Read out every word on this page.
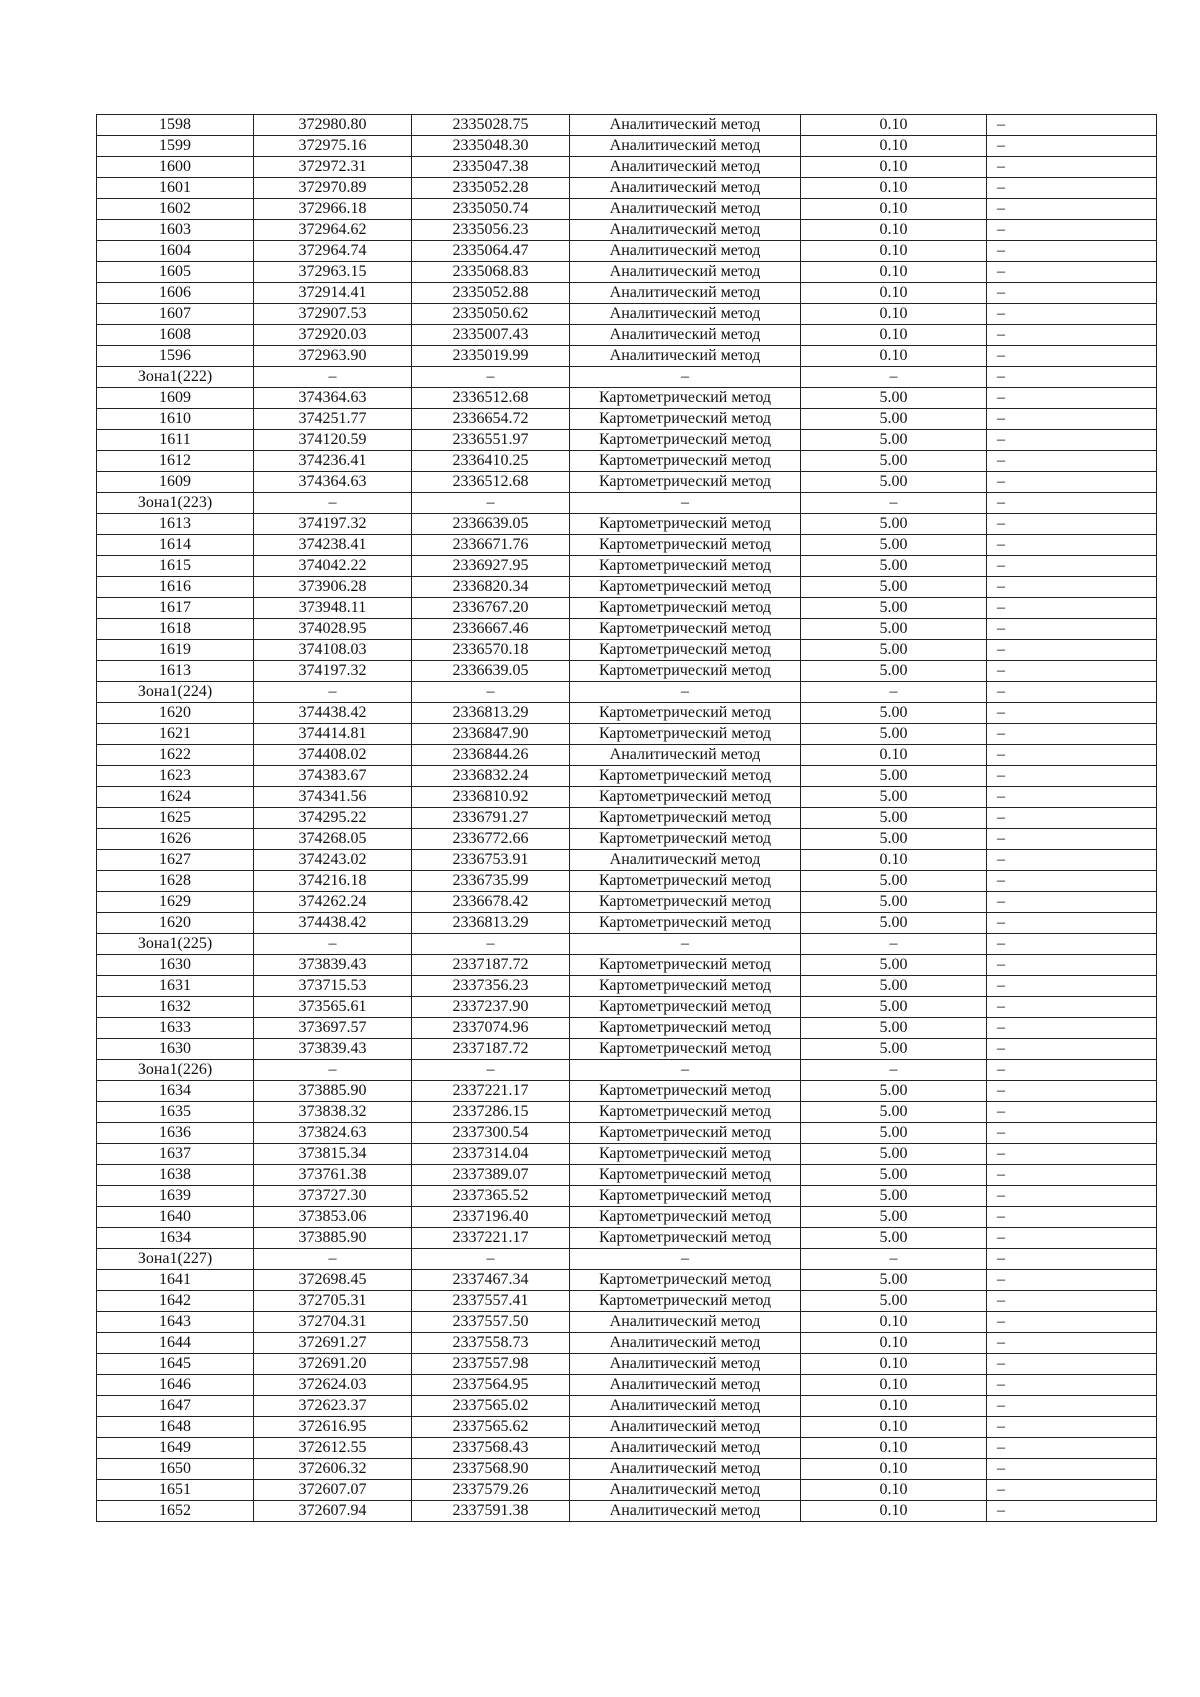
1598	372980.80	2335028.75	Аналитический метод	0.10	–
1599	372975.16	2335048.30	Аналитический метод	0.10	–
1600	372972.31	2335047.38	Аналитический метод	0.10	–
1601	372970.89	2335052.28	Аналитический метод	0.10	–
1602	372966.18	2335050.74	Аналитический метод	0.10	–
1603	372964.62	2335056.23	Аналитический метод	0.10	–
1604	372964.74	2335064.47	Аналитический метод	0.10	–
1605	372963.15	2335068.83	Аналитический метод	0.10	–
1606	372914.41	2335052.88	Аналитический метод	0.10	–
1607	372907.53	2335050.62	Аналитический метод	0.10	–
1608	372920.03	2335007.43	Аналитический метод	0.10	–
1596	372963.90	2335019.99	Аналитический метод	0.10	–
Зона1(222)	–	–	–	–	–
1609	374364.63	2336512.68	Картометрический метод	5.00	–
1610	374251.77	2336654.72	Картометрический метод	5.00	–
1611	374120.59	2336551.97	Картометрический метод	5.00	–
1612	374236.41	2336410.25	Картометрический метод	5.00	–
1609	374364.63	2336512.68	Картометрический метод	5.00	–
Зона1(223)	–	–	–	–	–
1613	374197.32	2336639.05	Картометрический метод	5.00	–
1614	374238.41	2336671.76	Картометрический метод	5.00	–
1615	374042.22	2336927.95	Картометрический метод	5.00	–
1616	373906.28	2336820.34	Картометрический метод	5.00	–
1617	373948.11	2336767.20	Картометрический метод	5.00	–
1618	374028.95	2336667.46	Картометрический метод	5.00	–
1619	374108.03	2336570.18	Картометрический метод	5.00	–
1613	374197.32	2336639.05	Картометрический метод	5.00	–
Зона1(224)	–	–	–	–	–
1620	374438.42	2336813.29	Картометрический метод	5.00	–
1621	374414.81	2336847.90	Картометрический метод	5.00	–
1622	374408.02	2336844.26	Аналитический метод	0.10	–
1623	374383.67	2336832.24	Картометрический метод	5.00	–
1624	374341.56	2336810.92	Картометрический метод	5.00	–
1625	374295.22	2336791.27	Картометрический метод	5.00	–
1626	374268.05	2336772.66	Картометрический метод	5.00	–
1627	374243.02	2336753.91	Аналитический метод	0.10	–
1628	374216.18	2336735.99	Картометрический метод	5.00	–
1629	374262.24	2336678.42	Картометрический метод	5.00	–
1620	374438.42	2336813.29	Картометрический метод	5.00	–
Зона1(225)	–	–	–	–	–
1630	373839.43	2337187.72	Картометрический метод	5.00	–
1631	373715.53	2337356.23	Картометрический метод	5.00	–
1632	373565.61	2337237.90	Картометрический метод	5.00	–
1633	373697.57	2337074.96	Картометрический метод	5.00	–
1630	373839.43	2337187.72	Картометрический метод	5.00	–
Зона1(226)	–	–	–	–	–
1634	373885.90	2337221.17	Картометрический метод	5.00	–
1635	373838.32	2337286.15	Картометрический метод	5.00	–
1636	373824.63	2337300.54	Картометрический метод	5.00	–
1637	373815.34	2337314.04	Картометрический метод	5.00	–
1638	373761.38	2337389.07	Картометрический метод	5.00	–
1639	373727.30	2337365.52	Картометрический метод	5.00	–
1640	373853.06	2337196.40	Картометрический метод	5.00	–
1634	373885.90	2337221.17	Картометрический метод	5.00	–
Зона1(227)	–	–	–	–	–
1641	372698.45	2337467.34	Картометрический метод	5.00	–
1642	372705.31	2337557.41	Картометрический метод	5.00	–
1643	372704.31	2337557.50	Аналитический метод	0.10	–
1644	372691.27	2337558.73	Аналитический метод	0.10	–
1645	372691.20	2337557.98	Аналитический метод	0.10	–
1646	372624.03	2337564.95	Аналитический метод	0.10	–
1647	372623.37	2337565.02	Аналитический метод	0.10	–
1648	372616.95	2337565.62	Аналитический метод	0.10	–
1649	372612.55	2337568.43	Аналитический метод	0.10	–
1650	372606.32	2337568.90	Аналитический метод	0.10	–
1651	372607.07	2337579.26	Аналитический метод	0.10	–
1652	372607.94	2337591.38	Аналитический метод	0.10	–
